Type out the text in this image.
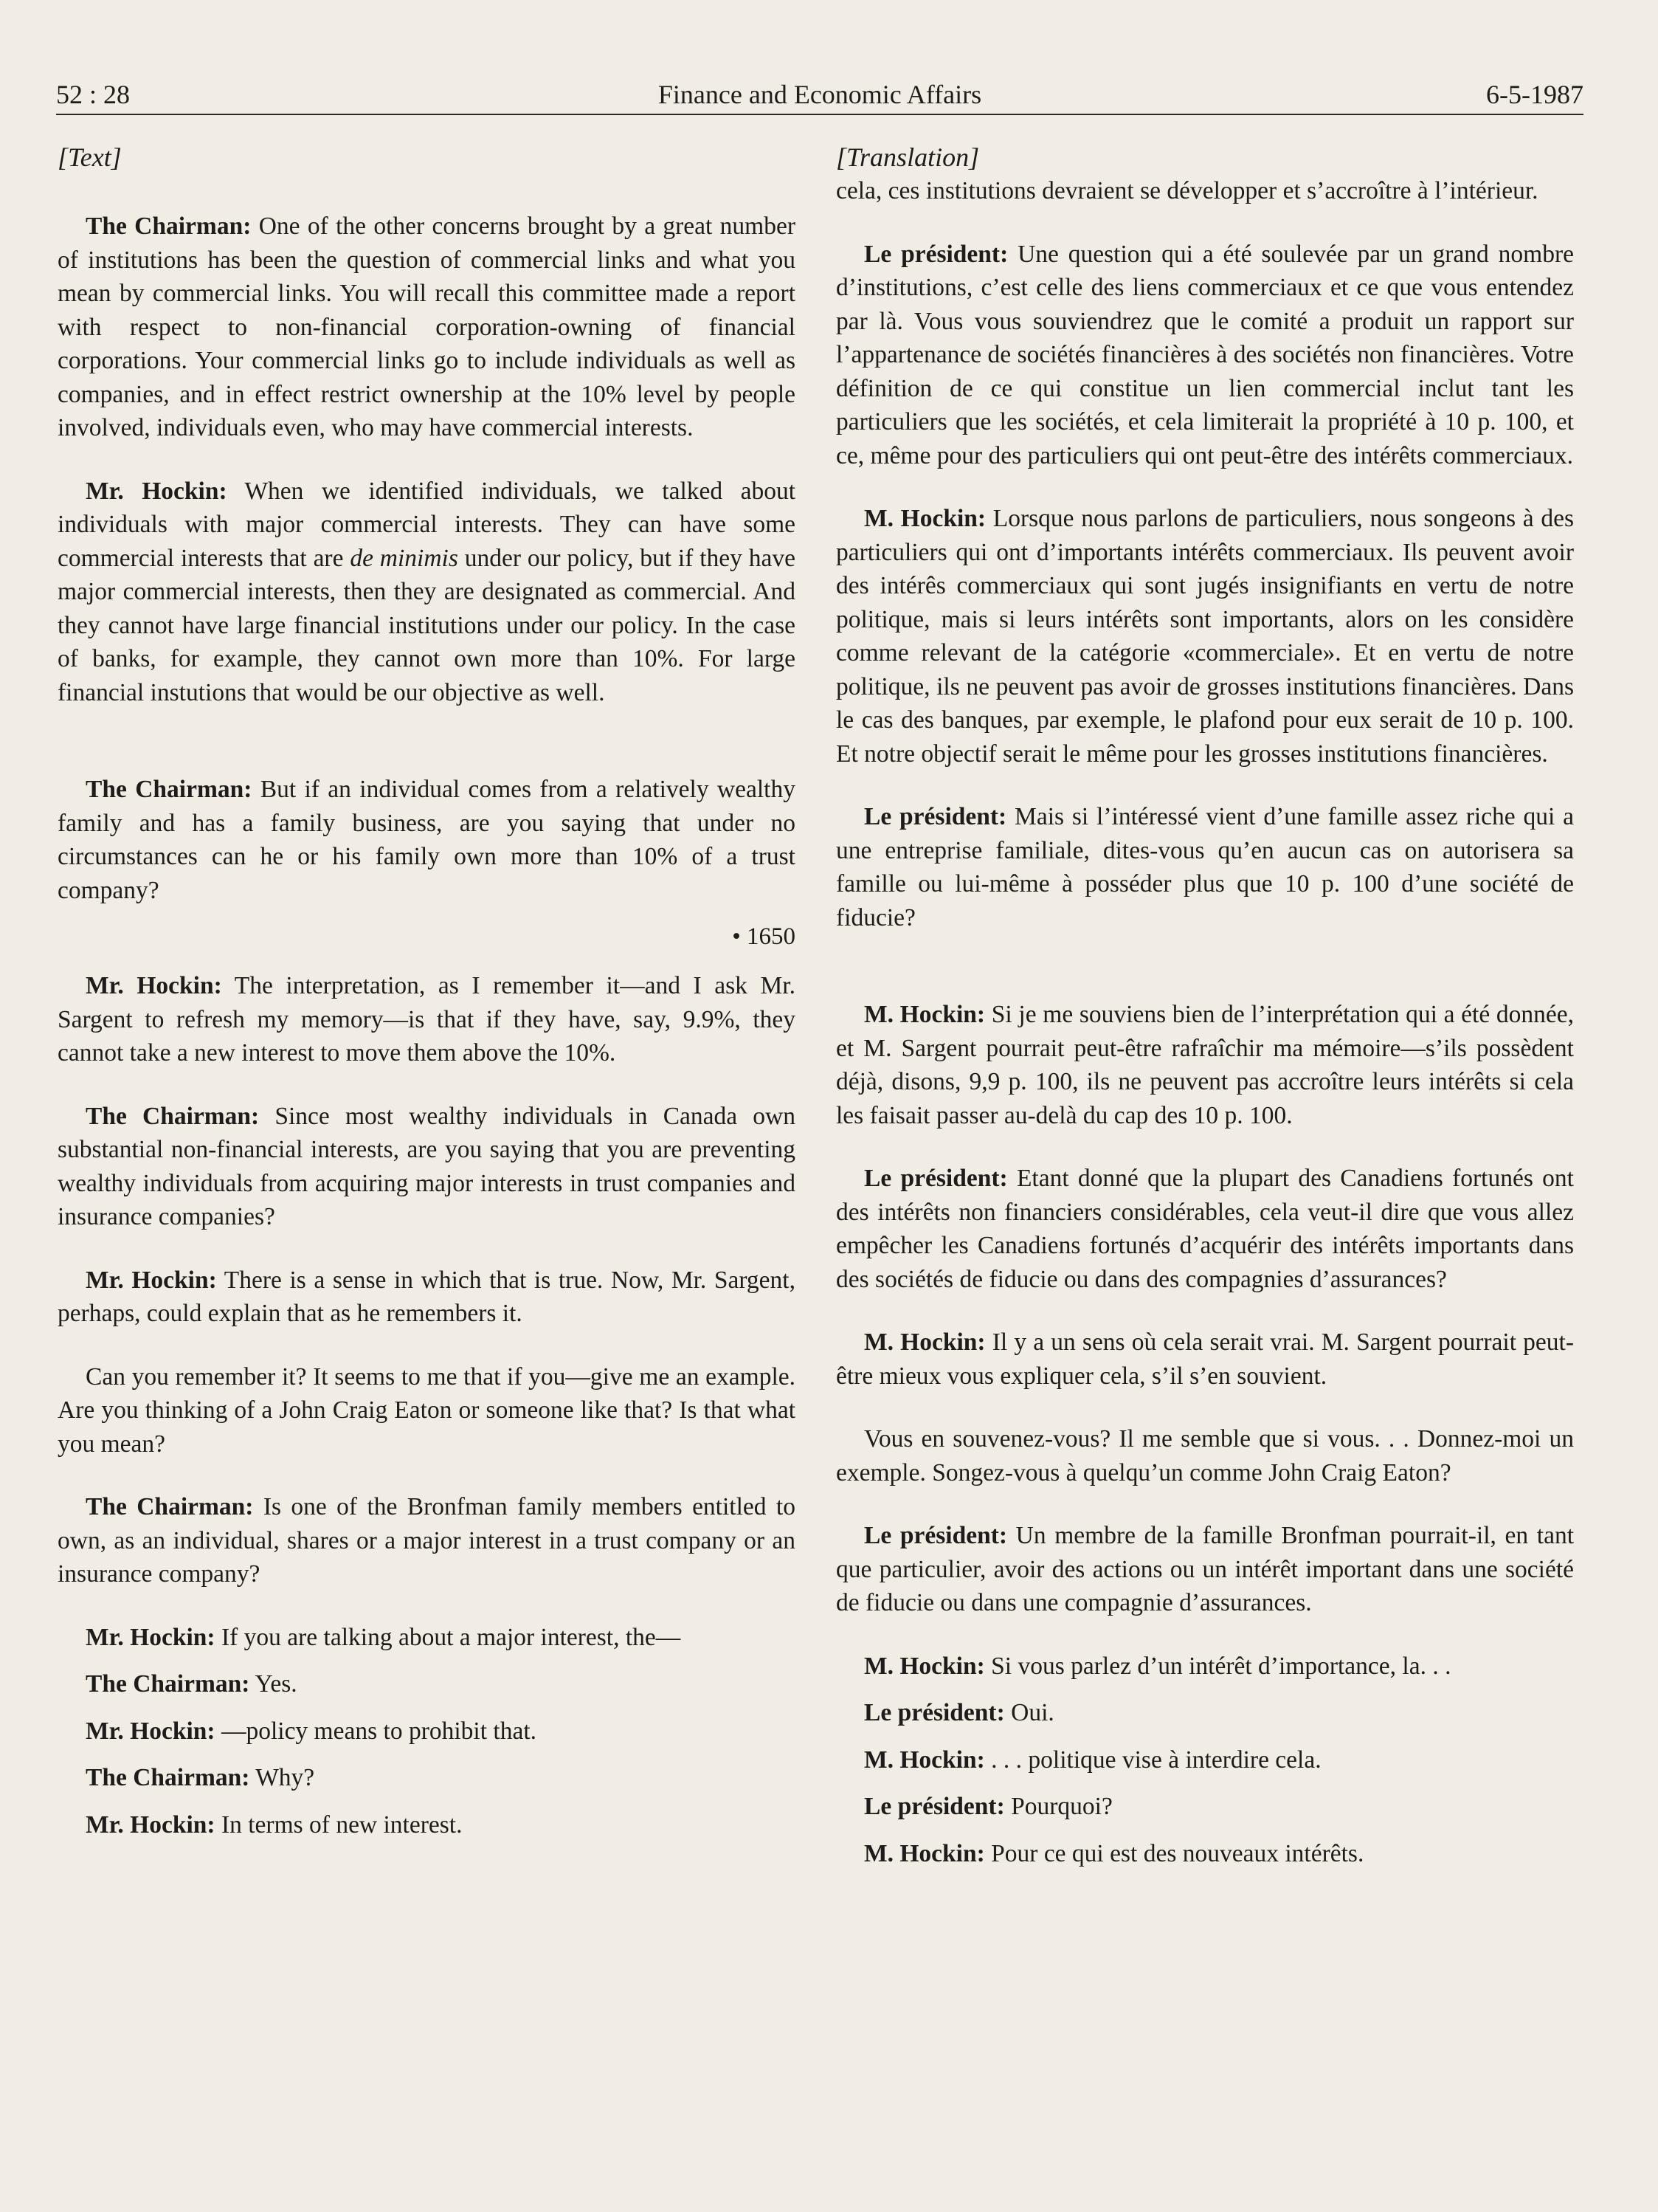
52 : 28	Finance and Economic Affairs	6-5-1987
[Text]

The Chairman: One of the other concerns brought by a great number of institutions has been the question of commercial links and what you mean by commercial links. You will recall this committee made a report with respect to non-financial corporation-owning of financial corporations. Your commercial links go to include individuals as well as companies, and in effect restrict ownership at the 10% level by people involved, individuals even, who may have commercial interests.

Mr. Hockin: When we identified individuals, we talked about individuals with major commercial interests. They can have some commercial interests that are de minimis under our policy, but if they have major commercial interests, then they are designated as commercial. And they cannot have large financial institutions under our policy. In the case of banks, for example, they cannot own more than 10%. For large financial instutions that would be our objective as well.

The Chairman: But if an individual comes from a relatively wealthy family and has a family business, are you saying that under no circumstances can he or his family own more than 10% of a trust company?

• 1650

Mr. Hockin: The interpretation, as I remember it—and I ask Mr. Sargent to refresh my memory—is that if they have, say, 9.9%, they cannot take a new interest to move them above the 10%.

The Chairman: Since most wealthy individuals in Canada own substantial non-financial interests, are you saying that you are preventing wealthy individuals from acquiring major interests in trust companies and insurance companies?

Mr. Hockin: There is a sense in which that is true. Now, Mr. Sargent, perhaps, could explain that as he remembers it.

Can you remember it? It seems to me that if you—give me an example. Are you thinking of a John Craig Eaton or someone like that? Is that what you mean?

The Chairman: Is one of the Bronfman family members entitled to own, as an individual, shares or a major interest in a trust company or an insurance company?

Mr. Hockin: If you are talking about a major interest, the—

The Chairman: Yes.

Mr. Hockin: —policy means to prohibit that.

The Chairman: Why?

Mr. Hockin: In terms of new interest.

[Translation]

cela, ces institutions devraient se développer et s’accroître à l’intérieur.

Le président: Une question qui a été soulevée par un grand nombre d’institutions, c’est celle des liens commerciaux et ce que vous entendez par là. Vous vous souviendrez que le comité a produit un rapport sur l’appartenance de sociétés financières à des sociétés non financières. Votre définition de ce qui constitue un lien commercial inclut tant les particuliers que les sociétés, et cela limiterait la propriété à 10 p. 100, et ce, même pour des particuliers qui ont peut-être des intérêts commerciaux.

M. Hockin: Lorsque nous parlons de particuliers, nous songeons à des particuliers qui ont d’importants intérêts commerciaux. Ils peuvent avoir des intérês commerciaux qui sont jugés insignifiants en vertu de notre politique, mais si leurs intérêts sont importants, alors on les considère comme relevant de la catégorie «commerciale». Et en vertu de notre politique, ils ne peuvent pas avoir de grosses institutions financières. Dans le cas des banques, par exemple, le plafond pour eux serait de 10 p. 100. Et notre objectif serait le même pour les grosses institutions financières.

Le président: Mais si l’intéressé vient d’une famille assez riche qui a une entreprise familiale, dites-vous qu’en aucun cas on autorisera sa famille ou lui-même à posséder plus que 10 p. 100 d’une société de fiducie?

M. Hockin: Si je me souviens bien de l’interprétation qui a été donnée, et M. Sargent pourrait peut-être rafraîchir ma mémoire—s’ils possèdent déjà, disons, 9,9 p. 100, ils ne peuvent pas accroître leurs intérêts si cela les faisait passer au-delà du cap des 10 p. 100.

Le président: Etant donné que la plupart des Canadiens fortunés ont des intérêts non financiers considérables, cela veut-il dire que vous allez empêcher les Canadiens fortunés d’acquérir des intérêts importants dans des sociétés de fiducie ou dans des compagnies d’assurances?

M. Hockin: Il y a un sens où cela serait vrai. M. Sargent pourrait peut-être mieux vous expliquer cela, s’il s’en souvient.

Vous en souvenez-vous? Il me semble que si vous. . . Donnez-moi un exemple. Songez-vous à quelqu’un comme John Craig Eaton?

Le président: Un membre de la famille Bronfman pourrait-il, en tant que particulier, avoir des actions ou un intérêt important dans une société de fiducie ou dans une compagnie d’assurances.

M. Hockin: Si vous parlez d’un intérêt d’importance, la. . .

Le président: Oui.

M. Hockin: . . . politique vise à interdire cela.

Le président: Pourquoi?

M. Hockin: Pour ce qui est des nouveaux intérêts.
